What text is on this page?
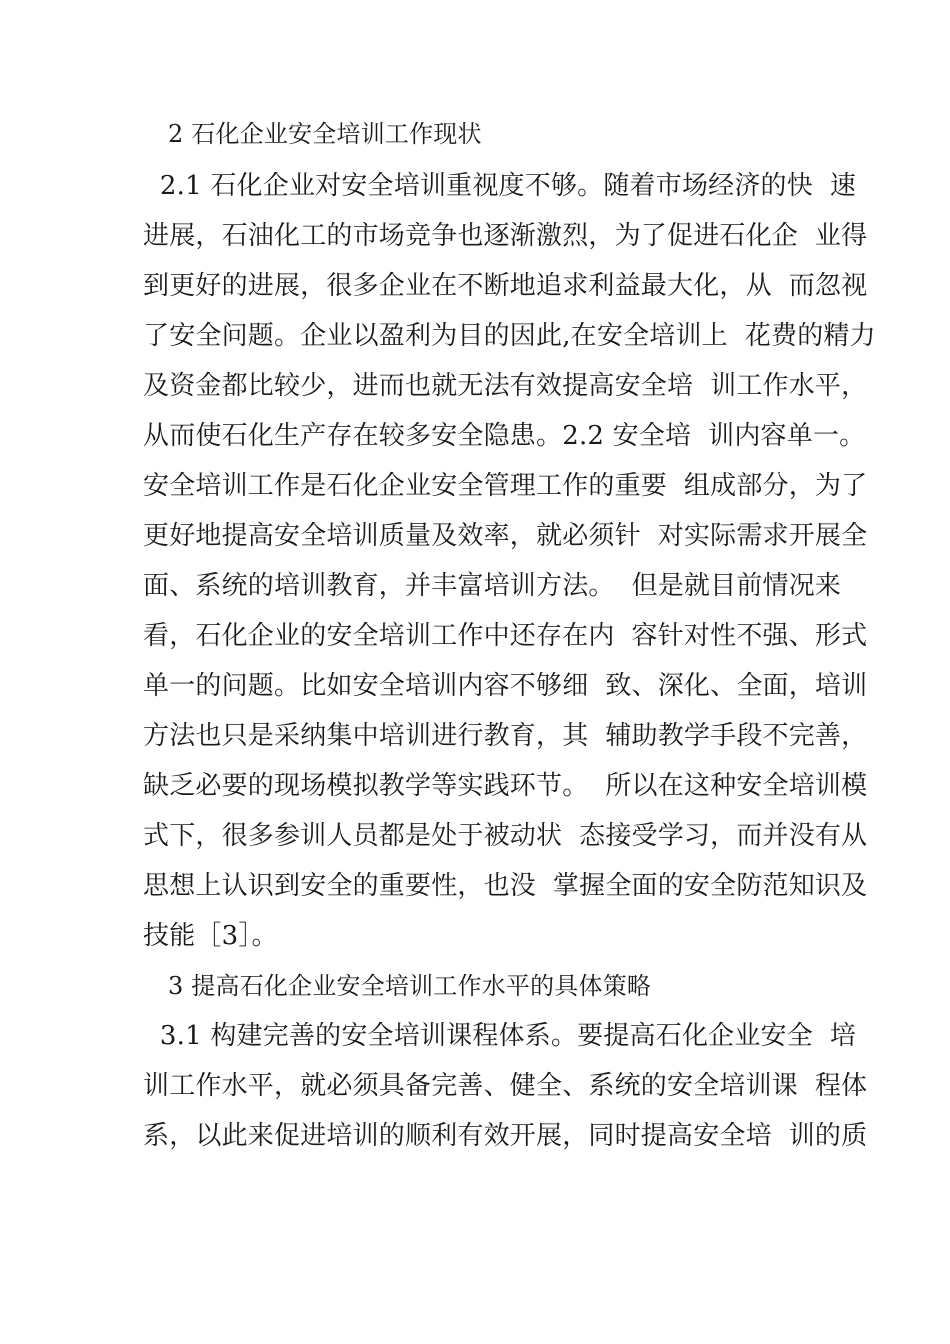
2 石化企业安全培训工作现状
2.1 石化企业对安全培训重视度不够。随着市场经济的快  速
进展，石油化工的市场竞争也逐渐激烈，为了促进石化企  业得
到更好的进展，很多企业在不断地追求利益最大化，从  而忽视
了安全问题。企业以盈利为目的因此,在安全培训上  花费的精力
及资金都比较少，进而也就无法有效提高安全培  训工作水平，
从而使石化生产存在较多安全隐患。2.2 安全培  训内容单一。
安全培训工作是石化企业安全管理工作的重要  组成部分，为了
更好地提高安全培训质量及效率，就必须针  对实际需求开展全
面、系统的培训教育，并丰富培训方法。  但是就目前情况来
看，石化企业的安全培训工作中还存在内  容针对性不强、形式
单一的问题。比如安全培训内容不够细  致、深化、全面，培训
方法也只是采纳集中培训进行教育，其  辅助教学手段不完善，
缺乏必要的现场模拟教学等实践环节。  所以在这种安全培训模
式下，很多参训人员都是处于被动状  态接受学习，而并没有从
思想上认识到安全的重要性，也没  掌握全面的安全防范知识及
技能［3］。
3 提高石化企业安全培训工作水平的具体策略
3.1 构建完善的安全培训课程体系。要提高石化企业安全  培
训工作水平，就必须具备完善、健全、系统的安全培训课  程体
系，以此来促进培训的顺利有效开展，同时提高安全培  训的质
